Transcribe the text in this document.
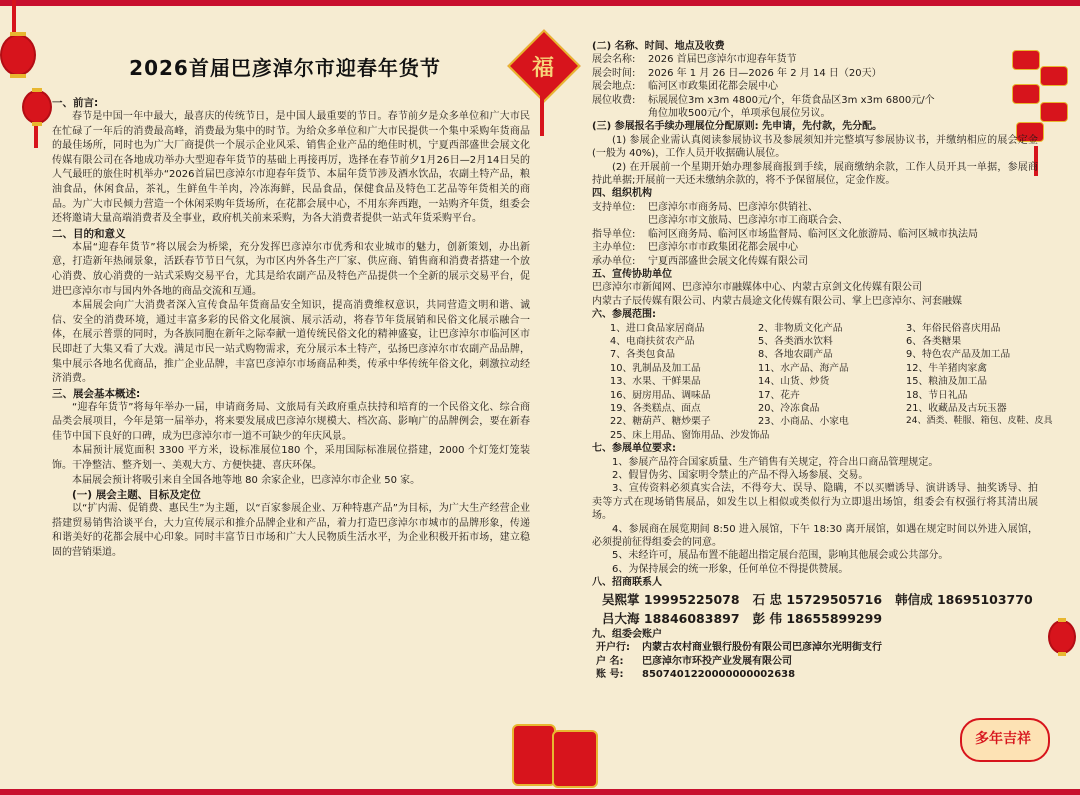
福
多年吉祥
2026首届巴彦淖尔市迎春年货节

一、前言:

春节是中国一年中最大，最喜庆的传统节日，是中国人最重要的节日。春节前夕是众多单位和广大市民在忙碌了一年后的消费最高峰，消费最为集中的时节。为给众多单位和广大市民提供一个集中采购年货商品的最佳场所，同时也为广大厂商提供一个展示企业风采、销售企业产品的绝佳时机，宁夏西部盛世会展文化传媒有限公司在各地成功举办大型迎春年货节的基础上再接再厉，选择在春节前夕1月26日—2月14日吴的人气最旺的旅住时机举办“2026首届巴彦淖尔市迎春年货节、本届年货节涉及酒水饮品，农副土特产品，粮油食品，休闲食品，茶礼，生鲜鱼牛羊肉，冷冻海鲜，民品食品，保健食品及特色工艺品等年货相关的商品。为广大市民倾力营造一个休闲采购年货场所，在花都会展中心，不用东奔西跑，一站购齐年货，组委会还将邀请大量高端消费者及全事业，政府机关前来采购，为各大消费者提供一站式年货采购平台。

二、目的和意义

本届“迎春年货节”将以展会为桥梁，充分发挥巴彦淖尔市优秀和农业城市的魅力，创新策划，办出新意，打造新年热闹景象，活跃春节节日气氛，为市区内外各生产厂家、供应商、销售商和消费者搭建一个放心消费、放心消费的一站式采购交易平台，尤其是给农副产品及特色产品提供一个全新的展示交易平台，促进巴彦淖尔市与国内外各地的商品交流和互通。

本届展会向广大消费者深入宣传食品年货商品安全知识，提高消费维权意识，共同营造文明和谐、诚信、安全的消费环境，通过丰富多彩的民俗文化展演、展示活动，将春节年货展销和民俗文化展示融合一体，在展示普票的同时，为各族同胞在新年之际奉献一道传统民俗文化的精神盛宴，让巴彦淖尔市临河区市民即赶了大集又看了大戏。满足市民一站式购物需求，充分展示本土特产，弘扬巴彦淖尔市农副产品品牌，集中展示各地名优商品，推广企业品牌，丰富巴彦淖尔市场商品种类，传承中华传统年俗文化，刺激拉动经济消费。

三、展会基本概述:

“迎春年货节”将每年举办一届，申请商务局、文旅局有关政府重点扶持和培育的一个民俗文化、综合商品类会展项目，今年是第一届举办，将来要发展成巴彦淖尔规模大、档次高、影响广的品牌例会，要在新春佳节中国下良好的口碑，成为巴彦淖尔市一道不可缺少的年庆风景。

本届预计展览面积 3300 平方米，设标准展位180 个，采用国际标准展位搭建，2000 个灯笼灯笼装饰。干净整洁、整齐划一、美观大方、方便快捷、喜庆环保。

本届展会预计将吸引来自全国各地等地 80 余家企业，巴彦淖尔市企业 50 家。

(一) 展会主题、目标及定位

以“扩内需、促销费、惠民生”为主题，以“百家参展企业、万种特惠产品”为目标，为广大生产经营企业搭建贸易销售洽谈平台，大力宣传展示和推介品牌企业和产品，着力打造巴彦淖尔市城市的品牌形象，传递和谐美好的花都会展中心印象。同时丰富节日市场和广大人民物质生活水平，为企业积极开拓市场，建立稳固的营销渠道。

(二) 名称、时间、地点及收费

展会名称:	2026 首届巴彦淖尔市迎春年货节
展会时间:	2026 年 1 月 26 日—2026 年 2 月 14 日（20天）
展会地点:	临河区市政集团花都会展中心
展位收费:	标展展位3m x3m 4800元/个，年货食品区3m x3m 6800元/个
角位加收500元/个，单项承包展位另议。

(三) 参展报名手续办理展位分配原则: 先申请，先付款，先分配。

(1) 参展企业需认真阅读参展协议书及参展须知并完整填写参展协议书，并缴纳相应的展会定金(一般为 40%)，工作人员开收据确认展位。

(2) 在开展前一个星期开始办理参展商报到手续，展商缴纳余款，工作人员开具一单据，参展商持此单据;开展前一天还未缴纳余款的，将不予保留展位，定金作废。

四、组织机构

支持单位:	巴彦淖尔市商务局、巴彦淖尔供销社、
巴彦淖尔市文旅局、巴彦淖尔市工商联合会、
指导单位:	临河区商务局、临河区市场监督局、临河区文化旅游局、临河区城市执法局
主办单位:	巴彦淖尔市市政集团花都会展中心
承办单位:	宁夏西部盛世会展文化传媒有限公司

五、宣传协助单位

巴彦淖尔市新闻网、巴彦淖尔市融媒体中心、内蒙古京剑文化传媒有限公司

内蒙古子辰传媒有限公司、内蒙古晨途文化传媒有限公司、掌上巴彦淖尔、河套融媒

六、参展范围:

1、进口食品家居商品	2、非物质文化产品	3、年俗民俗喜庆用品
4、电商扶贫农产品	5、各类酒水饮料	6、各类糖果
7、各类包食品	8、各地农副产品	9、特色农产品及加工品
10、乳制品及加工品	11、水产品、海产品	12、牛羊猪肉家禽
13、水果、干鲜果品	14、山货、炒货	15、粮油及加工品
16、厨房用品、调味品	17、花卉	18、节日礼品
19、各类糕点、面点	20、冷冻食品	21、收藏品及古玩玉器
22、糖葫芦、糖炒栗子	23、小商品、小家电	24、酒类、鞋服、箱包、皮鞋、皮具
25、床上用品、窗饰用品、沙发饰品

七、参展单位要求:

1、参展产品符合国家质量、生产销售有关规定，符合出口商品管理规定。

2、假冒伪劣、国家明令禁止的产品不得入场参展、交易。

3、宣传资料必须真实合法，不得夸大、误导、隐瞒，不以买赠诱导、演讲诱导、抽奖诱导、拍卖等方式在现场销售展品，如发生以上相似或类似行为立即退出场馆，组委会有权强行将其清出展场。

4、参展商在展览期间 8:50 进入展馆，下午 18:30 离开展馆，如遇在规定时间以外进入展馆，必须提前征得组委会的同意。

5、未经许可，展品布置不能超出指定展台范围，影响其他展会或公共部分。

6、为保持展会的统一形象，任何单位不得提供赞展。

八、招商联系人

吴熙掌 19995225078 石 忠 15729505716 韩信成 18695103770
吕大海 18846083897 彭 伟 18655899299

九、组委会账户

开户行: 内蒙古农村商业银行股份有限公司巴彦淖尔光明街支行
户 名: 巴彦淖尔市环投产业发展有限公司
账 号: 8507401220000000002638
